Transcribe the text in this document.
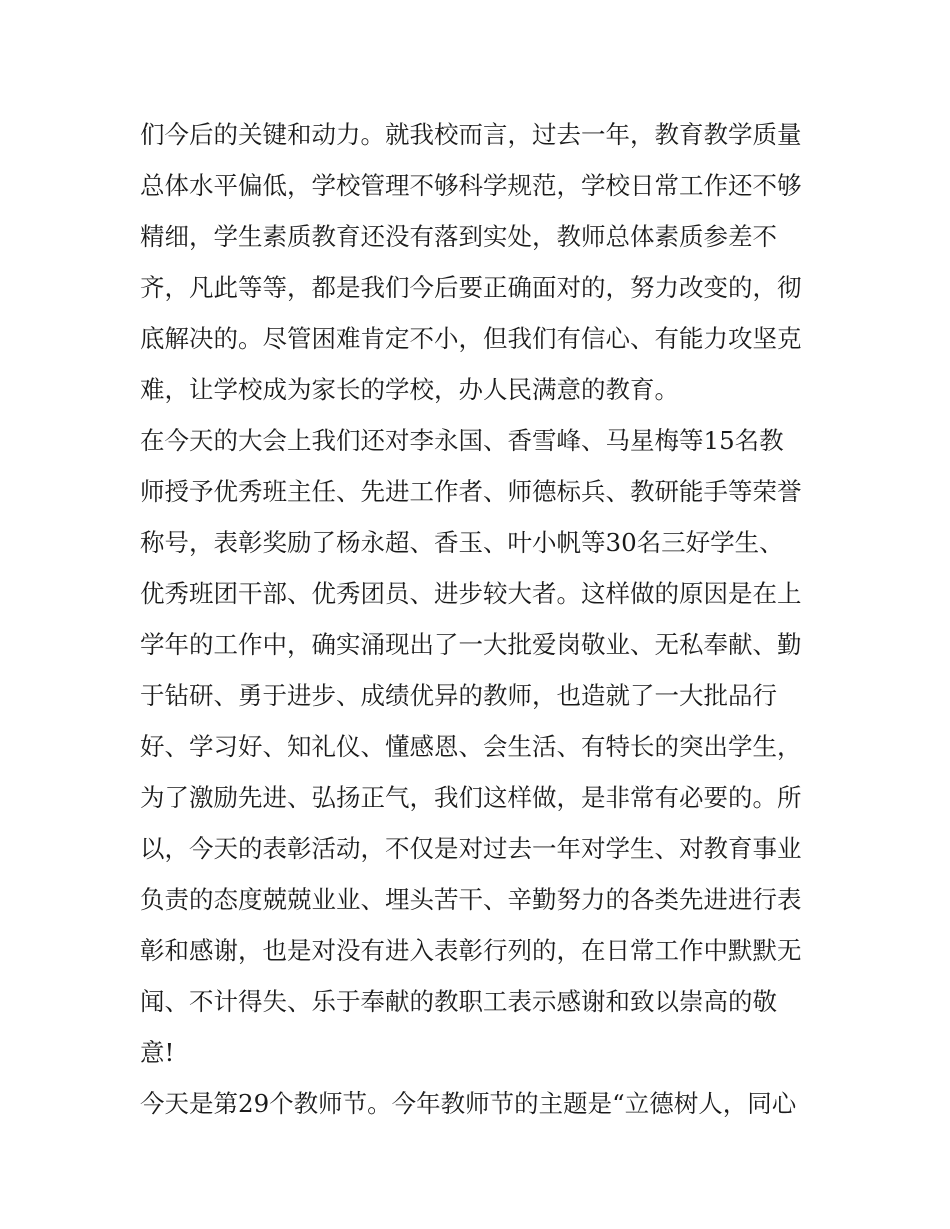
们今后的关键和动力。就我校而言，过去一年，教育教学质量
总体水平偏低，学校管理不够科学规范，学校日常工作还不够
精细，学生素质教育还没有落到实处，教师总体素质参差不
齐，凡此等等，都是我们今后要正确面对的，努力改变的，彻
底解决的。尽管困难肯定不小，但我们有信心、有能力攻坚克
难，让学校成为家长的学校，办人民满意的教育。
在今天的大会上我们还对李永国、香雪峰、马星梅等15名教
师授予优秀班主任、先进工作者、师德标兵、教研能手等荣誉
称号，表彰奖励了杨永超、香玉、叶小帆等30名三好学生、
优秀班团干部、优秀团员、进步较大者。这样做的原因是在上
学年的工作中，确实涌现出了一大批爱岗敬业、无私奉献、勤
于钻研、勇于进步、成绩优异的教师，也造就了一大批品行
好、学习好、知礼仪、懂感恩、会生活、有特长的突出学生，
为了激励先进、弘扬正气，我们这样做，是非常有必要的。所
以，今天的表彰活动，不仅是对过去一年对学生、对教育事业
负责的态度兢兢业业、埋头苦干、辛勤努力的各类先进进行表
彰和感谢，也是对没有进入表彰行列的，在日常工作中默默无
闻、不计得失、乐于奉献的教职工表示感谢和致以崇高的敬
意!
今天是第29个教师节。今年教师节的主题是“立德树人，同心
